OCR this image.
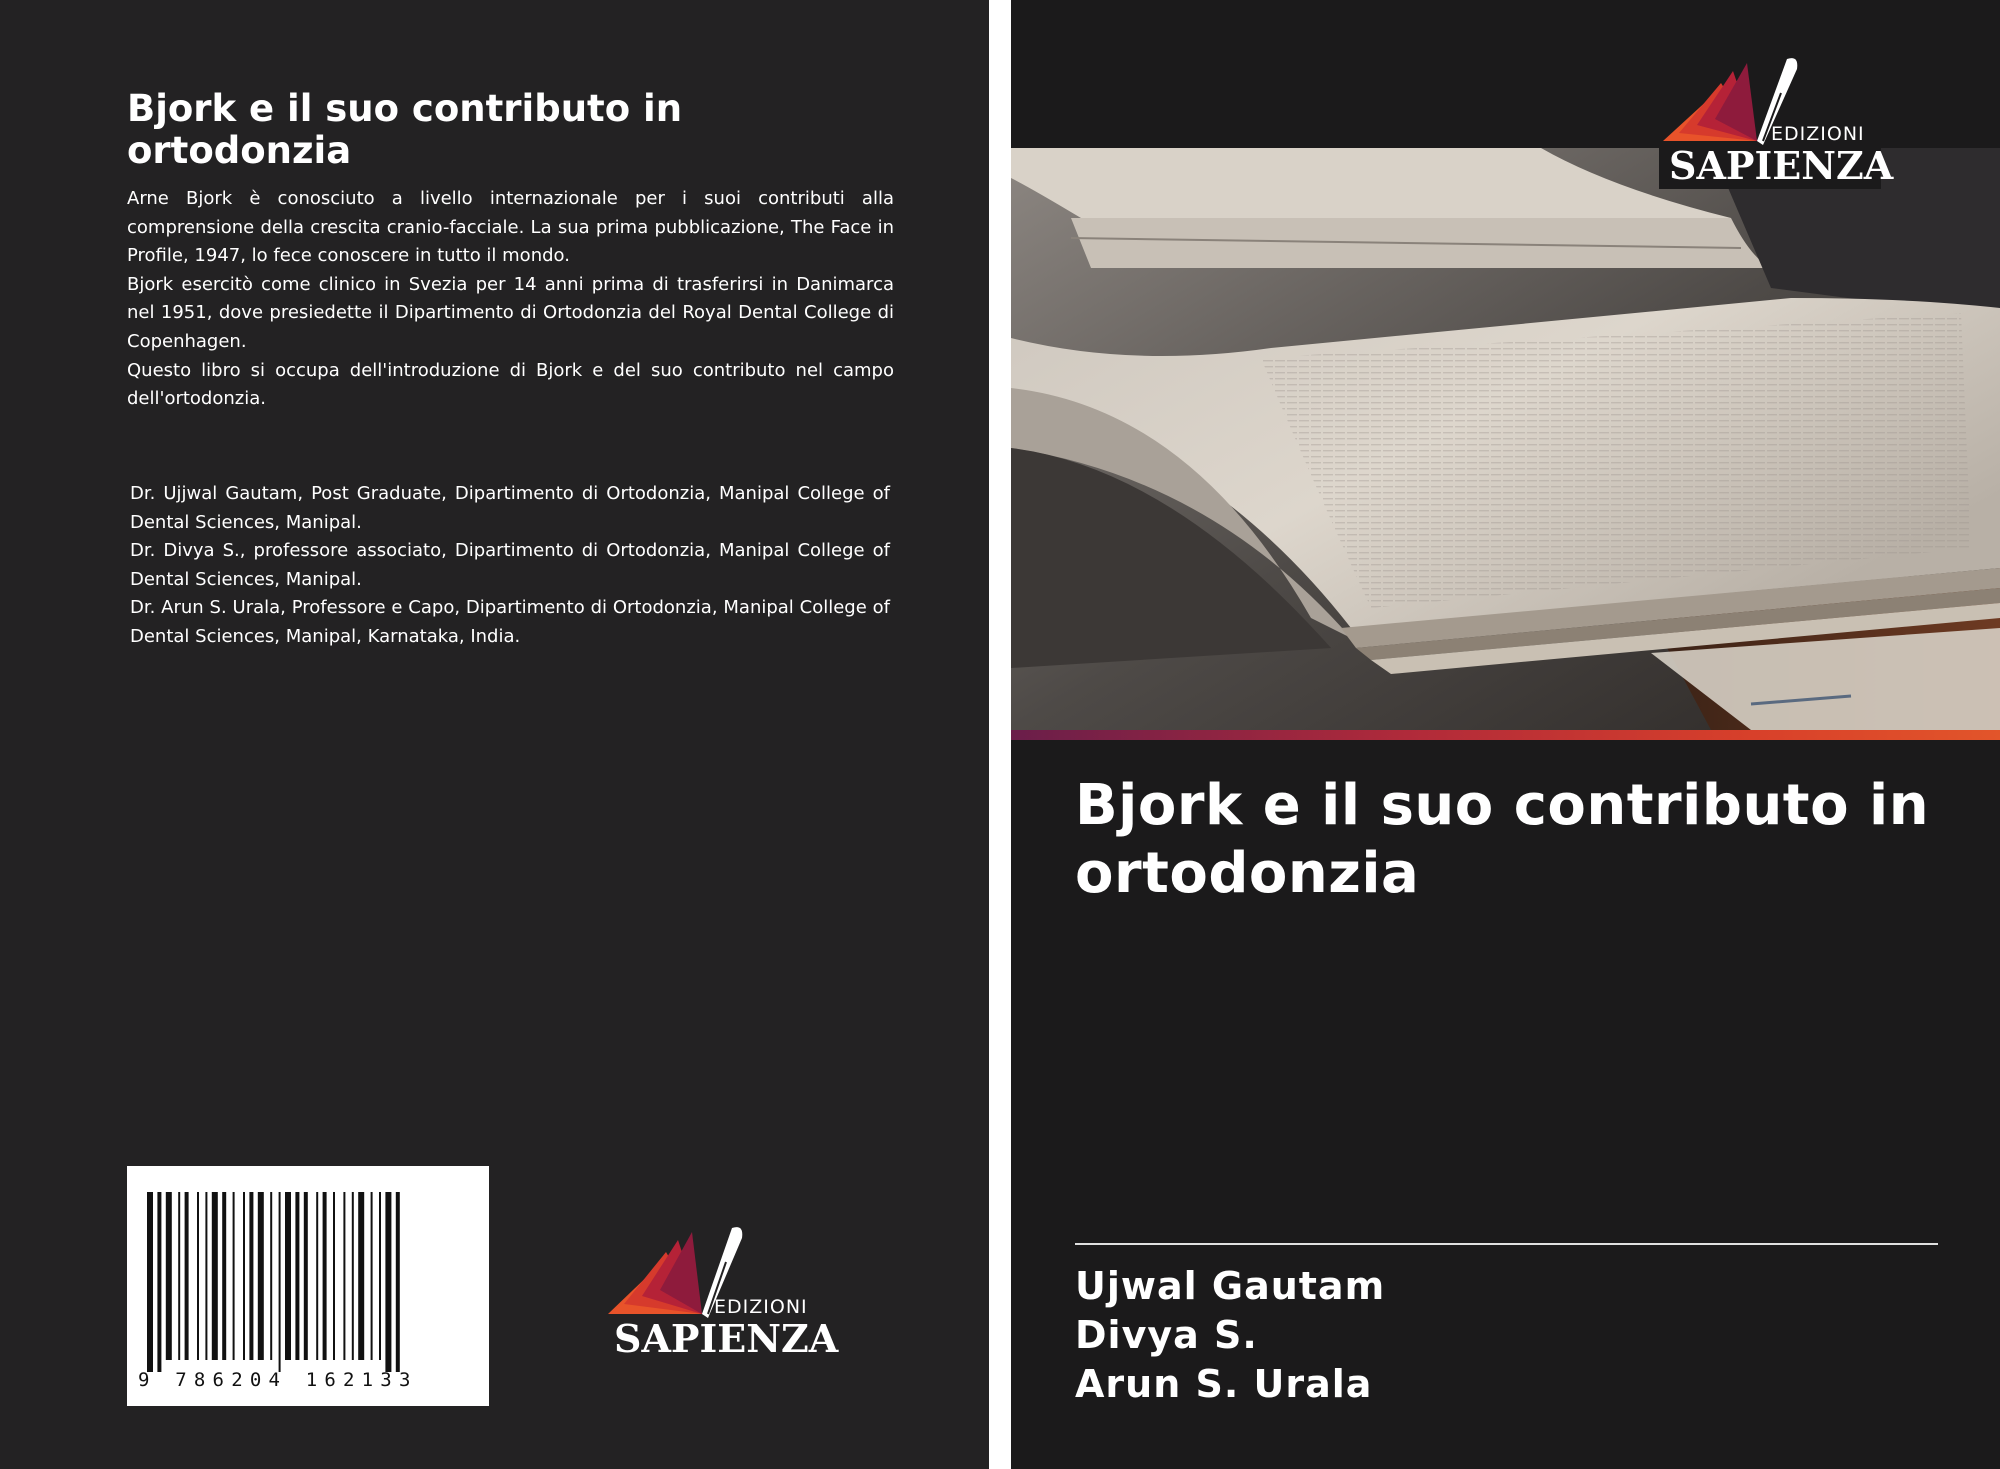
Bjork e il suo contributo in ortodonzia

Arne Bjork è conosciuto a livello internazionale per i suoi contributi alla comprensione della crescita cranio-facciale. La sua prima pubblicazione, The Face in Profile, 1947, lo fece conoscere in tutto il mondo.

Bjork esercitò come clinico in Svezia per 14 anni prima di trasferirsi in Danimarca nel 1951, dove presiedette il Dipartimento di Ortodonzia del Royal Dental College di Copenhagen.

Questo libro si occupa dell'introduzione di Bjork e del suo contributo nel campo dell'ortodonzia.

Dr. Ujjwal Gautam, Post Graduate, Dipartimento di Ortodonzia, Manipal College of Dental Sciences, Manipal.

Dr. Divya S., professore associato, Dipartimento di Ortodonzia, Manipal College of Dental Sciences, Manipal.

Dr. Arun S. Urala, Professore e Capo, Dipartimento di Ortodonzia, Manipal College of Dental Sciences, Manipal, Karnataka, India.

9 786204 162133
EDIZIONI
SAPIENZA
EDIZIONI
SAPIENZA
Bjork e il suo contributo in ortodonzia
Ujwal Gautam
Divya S.
Arun S. Urala
